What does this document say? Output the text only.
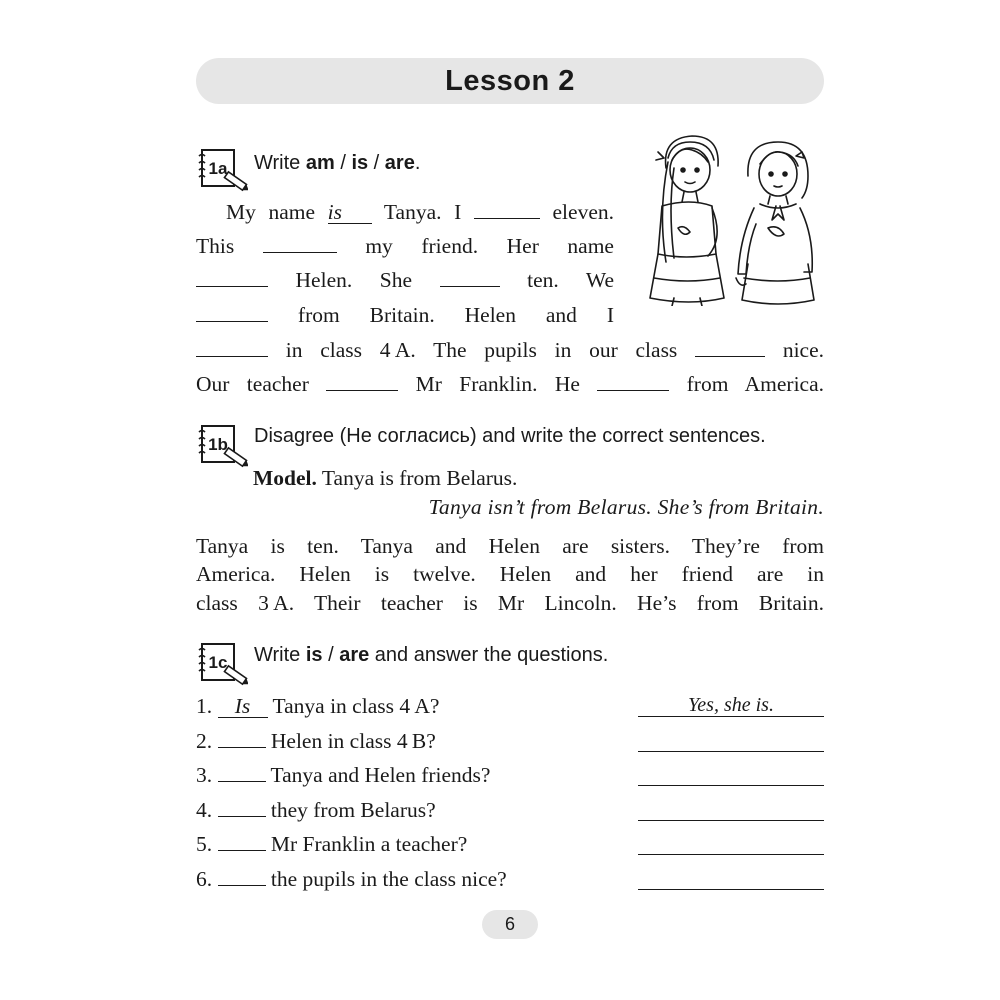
Lesson 2
1a Write am / is / are.
My name is Tanya. I	eleven.
This	my friend. Her name
Helen. She	ten. We
from Britain. Helen and I
in class 4 A. The pupils in our class	nice.
Our teacher	Mr Franklin. He	from America.
1b Disagree (Не согласись) and write the correct sentences.
Model. Tanya is from Belarus.
Tanya isn’t from Belarus. She’s from Britain.
Tanya is ten. Tanya and Helen are sisters. They’re from
America. Helen is twelve. Helen and her friend are in
class 3 A. Their teacher is Mr Lincoln. He’s from Britain.
1c Write is / are and answer the questions.
1. Is Tanya in class 4 A?	Yes, she is.
2.  Helen in class 4 B?
3.  Tanya and Helen friends?
4.  they from Belarus?
5.  Mr Franklin a teacher?
6.  the pupils in the class nice?
6
